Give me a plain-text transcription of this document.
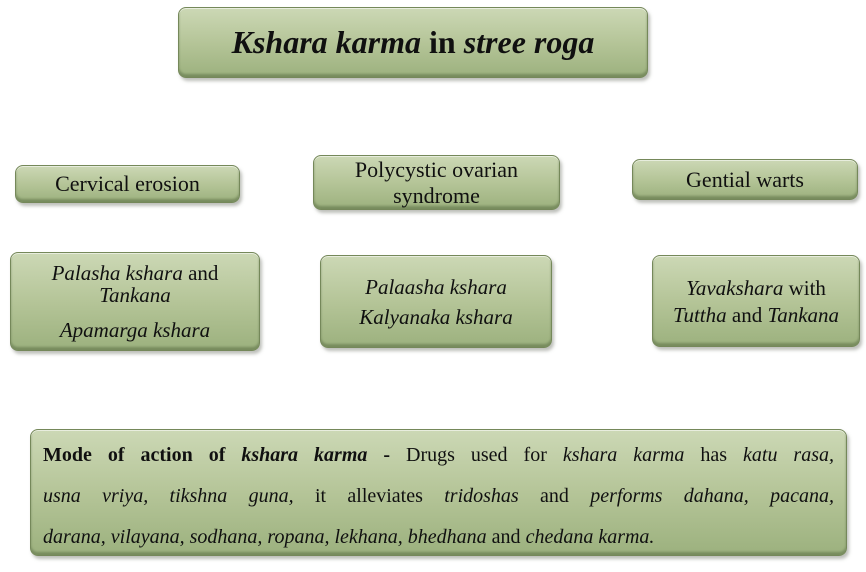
Kshara karma in stree roga
Cervical erosion
Polycystic ovarian
syndrome
Gential warts
Palasha kshara and
Tankana
Apamarga kshara
Palaasha kshara
Kalyanaka kshara
Yavakshara with
Tuttha and Tankana
Mode of action of kshara karma - Drugs used for kshara karma has katu rasa,
usna vriya, tikshna guna, it alleviates tridoshas and performs dahana, pacana,
darana, vilayana, sodhana, ropana, lekhana, bhedhana and chedana karma.
